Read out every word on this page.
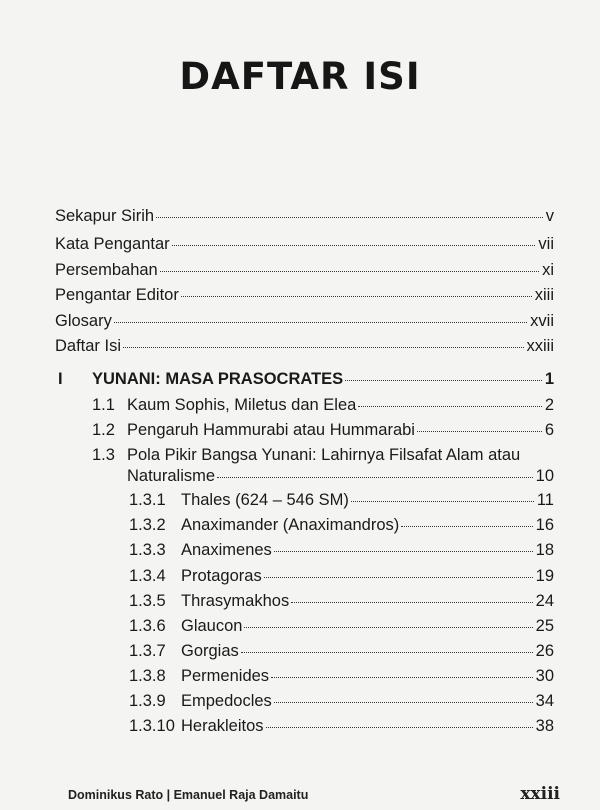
DAFTAR ISI
Sekapur Sirih	v
Kata Pengantar	vii
Persembahan	xi
Pengantar Editor	xiii
Glosary	xvii
Daftar Isi	xxiii
I	YUNANI: MASA PRASOCRATES	1
1.1 Kaum Sophis, Miletus dan Elea	2
1.2 Pengaruh Hammurabi atau Hummarabi	6
1.3 Pola Pikir Bangsa Yunani: Lahirnya Filsafat Alam atau
Naturalisme	10
1.3.1 Thales (624 – 546 SM)	11
1.3.2 Anaximander (Anaximandros)	16
1.3.3 Anaximenes	18
1.3.4 Protagoras	19
1.3.5 Thrasymakhos	24
1.3.6 Glaucon	25
1.3.7 Gorgias	26
1.3.8 Permenides	30
1.3.9 Empedocles	34
1.3.10 Herakleitos	38
Dominikus Rato | Emanuel Raja Damaitu	xxiii
